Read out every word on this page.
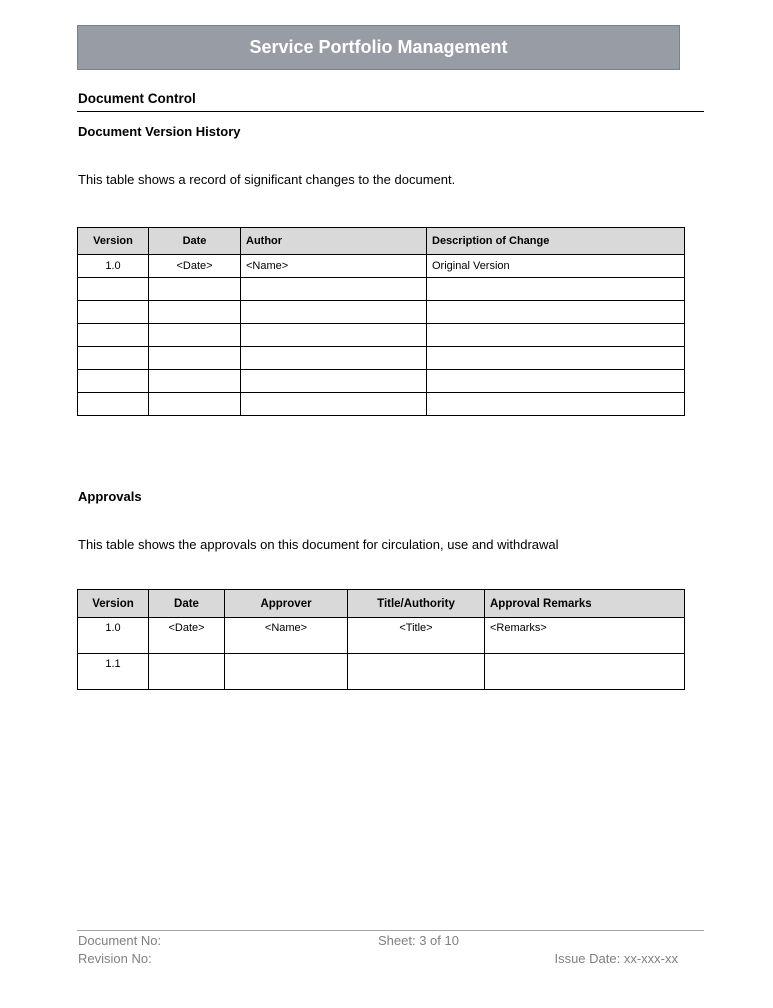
Service Portfolio Management
Document Control
Document Version History
This table shows a record of significant changes to the document.
Version	Date	Author	Description of Change
1.0	<Date>	<Name>	Original Version

Approvals
This table shows the approvals on this document for circulation, use and withdrawal
Version	Date	Approver	Title/Authority	Approval Remarks
1.0	<Date>	<Name>	<Title>	<Remarks>
1.1				
Document No:	Sheet: 3 of 10
Revision No:	Issue Date: xx-xxx-xx
